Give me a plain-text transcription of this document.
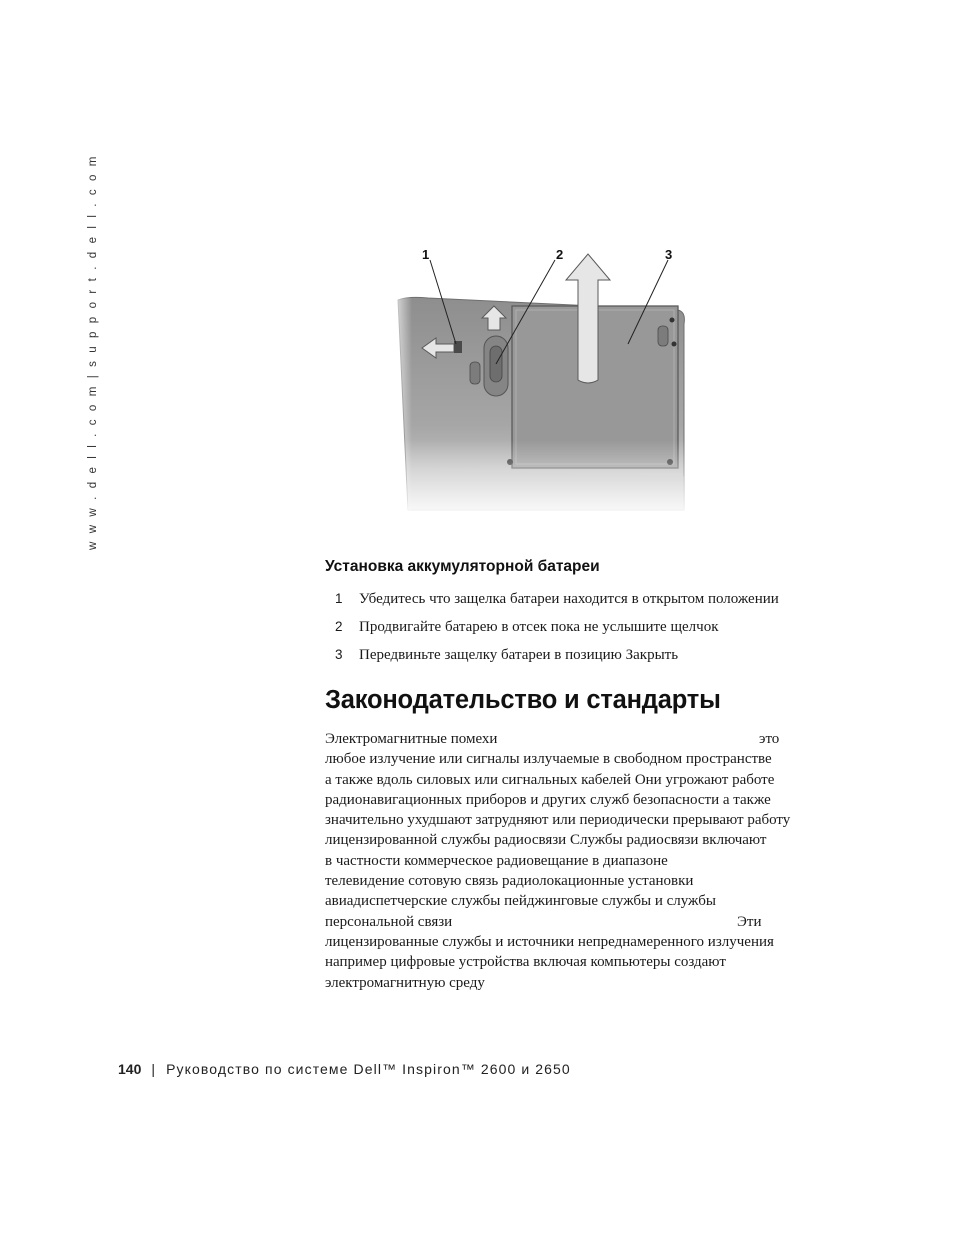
w w w . d e l l . c o m | s u p p o r t . d e l l . c o m	1	2	3
Установка аккумуляторной батареи
1 Убедитесь что защелка батареи находится в открытом положении
2 Продвигайте батарею в отсек пока не услышите щелчок
3 Передвиньте защелку батареи в позицию Закрыть
Законодательство и стандарты
Электромагнитные помехи	это
любое излучение или сигналы излучаемые в свободном пространстве
а также вдоль силовых или сигнальных кабелей Они угрожают работе
радионавигационных приборов и других служб безопасности а также
значительно ухудшают затрудняют или периодически прерывают работу
лицензированной службы радиосвязи Службы радиосвязи включают
в частности коммерческое радиовещание в диапазоне
телевидение сотовую связь радиолокационные установки
авиадиспетчерские службы пейджинговые службы и службы
персональной связи	Эти
лицензированные службы и источники непреднамеренного излучения
например цифровые устройства включая компьютеры создают
электромагнитную среду
140 | Руководство по системе Dell™ Inspiron™ 2600 и 2650
